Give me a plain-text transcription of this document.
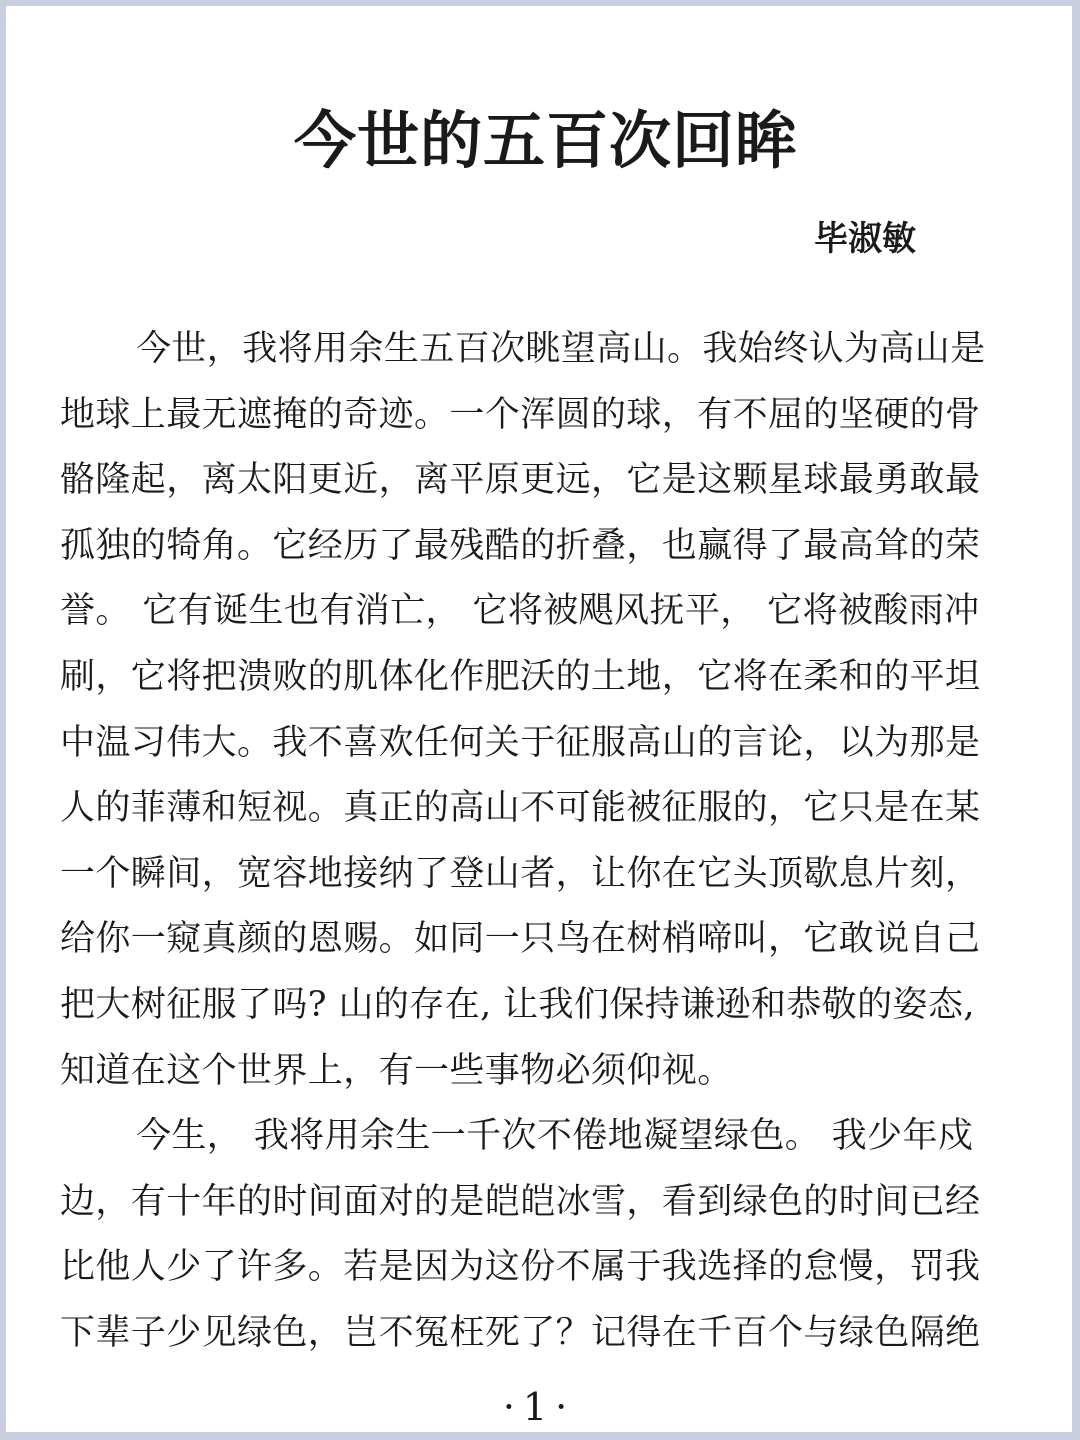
今世的五百次回眸
毕淑敏
今世，我将用余生五百次眺望高山。我始终认为高山是
地球上最无遮掩的奇迹。一个浑圆的球，有不屈的坚硬的骨
骼隆起，离太阳更近，离平原更远，它是这颗星球最勇敢最
孤独的犄角。它经历了最残酷的折叠，也赢得了最高耸的荣
誉。 它有诞生也有消亡， 它将被飓风抚平， 它将被酸雨冲
刷，它将把溃败的肌体化作肥沃的土地，它将在柔和的平坦
中温习伟大。我不喜欢任何关于征服高山的言论，以为那是
人的菲薄和短视。真正的高山不可能被征服的，它只是在某
一个瞬间，宽容地接纳了登山者，让你在它头顶歇息片刻，
给你一窥真颜的恩赐。如同一只鸟在树梢啼叫，它敢说自己
把大树征服了吗? 山的存在, 让我们保持谦逊和恭敬的姿态,
知道在这个世界上，有一些事物必须仰视。
今生， 我将用余生一千次不倦地凝望绿色。 我少年戍
边，有十年的时间面对的是皑皑冰雪，看到绿色的时间已经
比他人少了许多。若是因为这份不属于我选择的怠慢，罚我
下辈子少见绿色，岂不冤枉死了？记得在千百个与绿色隔绝
·1·
